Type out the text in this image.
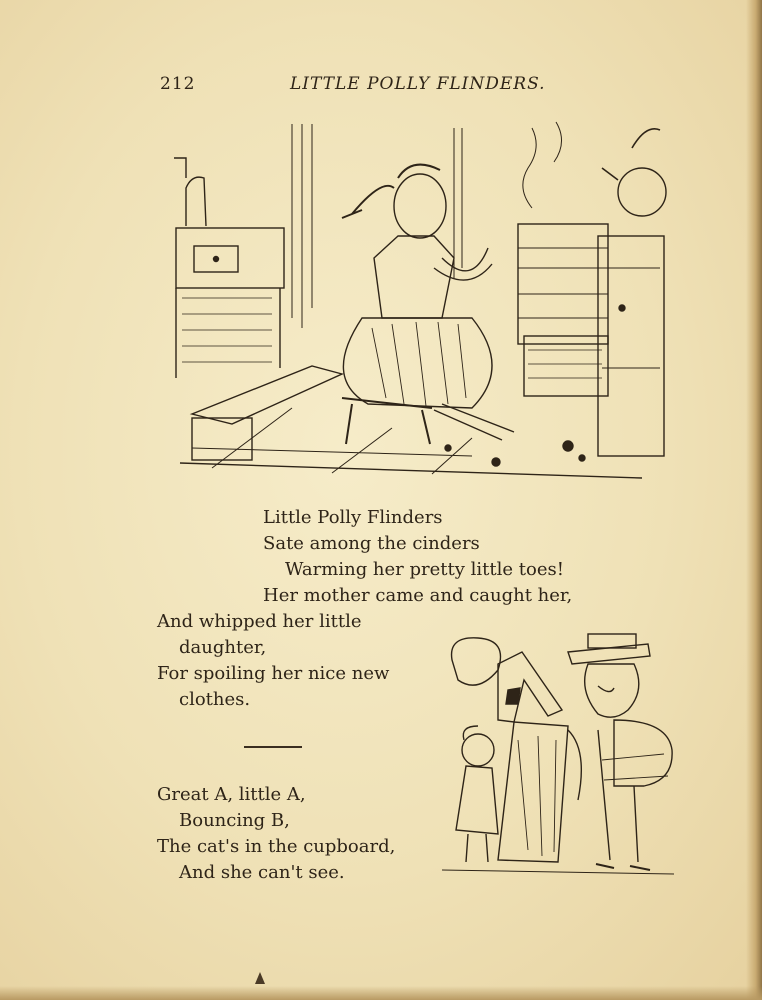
212	LITTLE POLLY FLINDERS.
Little Polly Flinders
Sate among the cinders
Warming her pretty little toes!
Her mother came and caught her,
And whipped her little
daughter,
For spoiling her nice new
clothes.
Great A, little A,
Bouncing B,
The cat's in the cupboard,
And she can't see.
